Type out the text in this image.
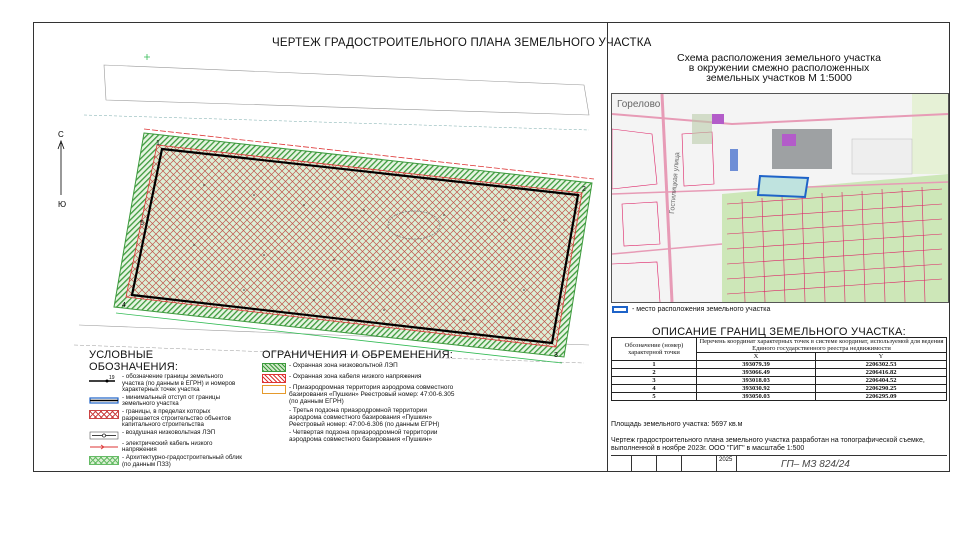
ЧЕРТЕЖ ГРАДОСТРОИТЕЛЬНОГО ПЛАНА ЗЕМЕЛЬНОГО УЧАСТКА
С
Ю
1
2
3
4
5
УСЛОВНЫЕ ОБОЗНАЧЕНИЯ:
19 - обозначение границы земельного участка (по данным в ЕГРН) и номеров характерных точек участка
- минимальный отступ от границы земельного участка
- границы, в пределах которых разрешается строительство объектов капитального строительства
- воздушная низковольтная ЛЭП
- электрический кабель низкого напряжения
- Архитектурно-градостроительный облик (по данным ПЗЗ)
ОГРАНИЧЕНИЯ И ОБРЕМЕНЕНИЯ:
- Охранная зона низковольтной ЛЭП
- Охранная зона кабеля низкого напряжения
- Приаэродромная территория аэродрома совместного базирования «Пушкин» Реестровый номер: 47:00-6.305 (по данным ЕГРН)
- Третья подзона приаэродромной территории аэродрома совместного базирования «Пушкин» Реестровый номер: 47:00-6.306 (по данным ЕГРН)
- Четвертая подзона приаэродромной территории аэродрома совместного базирования «Пушкин»
Схема расположения земельного участка
в окружении смежно расположенных
земельных участков М 1:5000
Горелово
Гостилицкая улица
- место расположения земельного участка
ОПИСАНИЕ ГРАНИЦ ЗЕМЕЛЬНОГО УЧАСТКА:
Обозначение (номер) характерной точки	Перечень координат характерных точек в системе координат, используемой для ведения Единого государственного реестра недвижимости	
	X	Y
1	393079.39	2206302.53
2	393066.49	2206416.82
3	393018.03	2206404.52
4	393030.92	2206290.25
5	393050.03	2206295.09
Площадь земельного участка: 5697 кв.м
Чертеж градостроительного плана земельного участка разработан на топографической съемке, выполненной в ноябре 2023г. ООО "ГИГ" в масштабе 1:500
2025	ГП– МЗ 824/24
